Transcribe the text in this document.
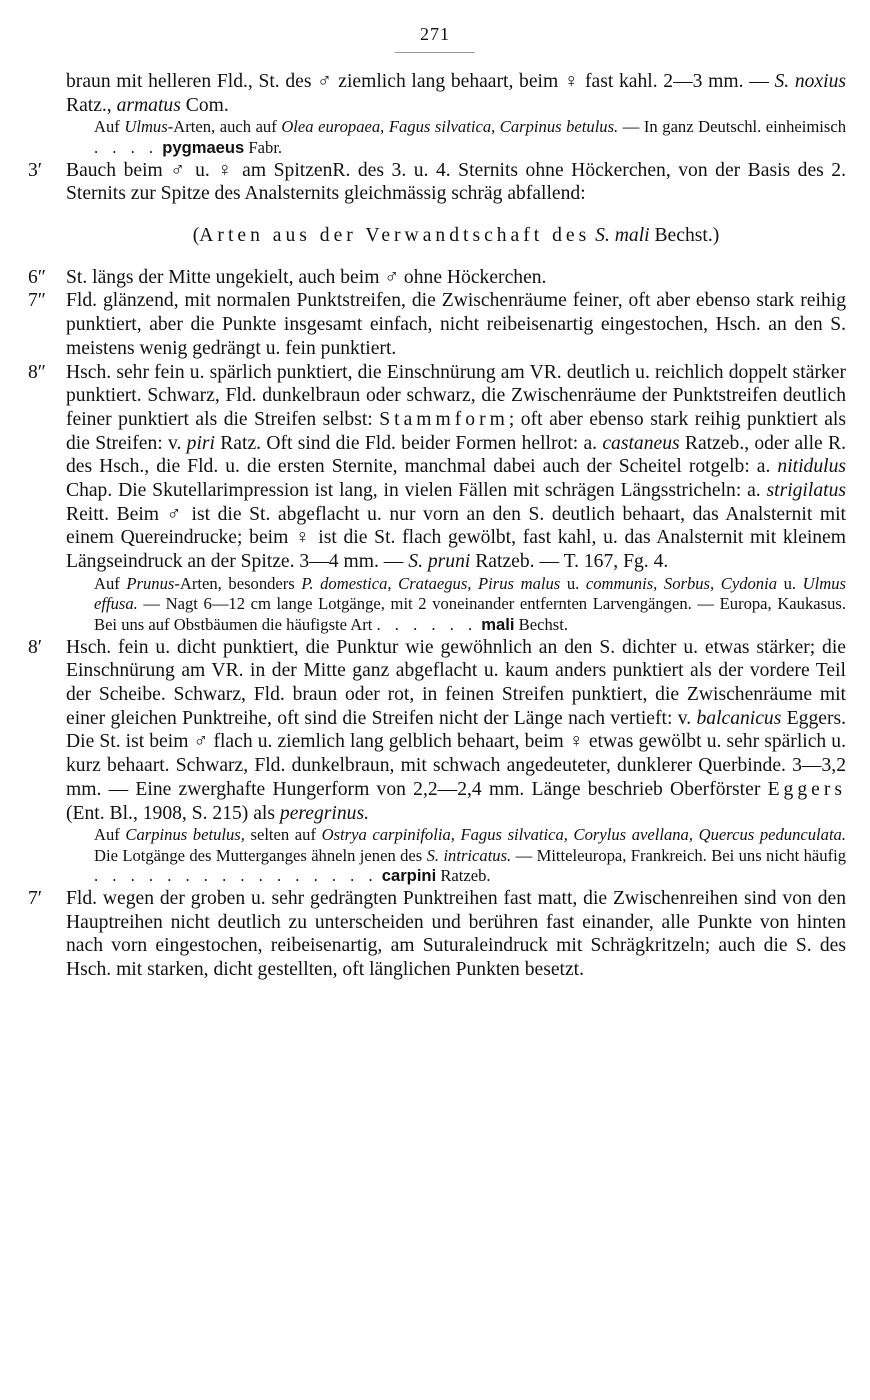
271
braun mit helleren Fld., St. des ♂ ziemlich lang behaart, beim ♀ fast kahl. 2—3 mm. — S. noxius Ratz., armatus Com.
Auf Ulmus-Arten, auch auf Olea europaea, Fagus silvatica, Carpinus betulus. — In ganz Deutschl. einheimisch . . . . pygmaeus Fabr.
3′ Bauch beim ♂ u. ♀ am SpitzenR. des 3. u. 4. Sternits ohne Höckerchen, von der Basis des 2. Sternits zur Spitze des Analsternits gleichmässig schräg abfallend:
(Arten aus der Verwandtschaft des S. mali Bechst.)
6″ St. längs der Mitte ungekielt, auch beim ♂ ohne Höckerchen.
7″ Fld. glänzend, mit normalen Punktstreifen, die Zwischenräume feiner, oft aber ebenso stark reihig punktiert, aber die Punkte insgesamt einfach, nicht reibeisenartig eingestochen, Hsch. an den S. meistens wenig gedrängt u. fein punktiert.
8″ Hsch. sehr fein u. spärlich punktiert, die Einschnürung am VR. deutlich u. reichlich doppelt stärker punktiert. Schwarz, Fld. dunkelbraun oder schwarz, die Zwischenräume der Punktstreifen deutlich feiner punktiert als die Streifen selbst: Stammform; oft aber ebenso stark reihig punktiert als die Streifen: v. piri Ratz. Oft sind die Fld. beider Formen hellrot: a. castaneus Ratzeb., oder alle R. des Hsch., die Fld. u. die ersten Sternite, manchmal dabei auch der Scheitel rotgelb: a. nitidulus Chap. Die Skutellarimpression ist lang, in vielen Fällen mit schrägen Längsstricheln: a. strigilatus Reitt. Beim ♂ ist die St. abgeflacht u. nur vorn an den S. deutlich behaart, das Analsternit mit einem Quereindrucke; beim ♀ ist die St. flach gewölbt, fast kahl, u. das Analsternit mit kleinem Längseindruck an der Spitze. 3—4 mm. — S. pruni Ratzeb. — T. 167, Fg. 4.
Auf Prunus-Arten, besonders P. domestica, Crataegus, Pirus malus u. communis, Sorbus, Cydonia u. Ulmus effusa. — Nagt 6—12 cm lange Lotgänge, mit 2 voneinander entfernten Larvengängen. — Europa, Kaukasus. Bei uns auf Obstbäumen die häufigste Art . . . . . . mali Bechst.
8′ Hsch. fein u. dicht punktiert, die Punktur wie gewöhnlich an den S. dichter u. etwas stärker; die Einschnürung am VR. in der Mitte ganz abgeflacht u. kaum anders punktiert als der vordere Teil der Scheibe. Schwarz, Fld. braun oder rot, in feinen Streifen punktiert, die Zwischenräume mit einer gleichen Punktreihe, oft sind die Streifen nicht der Länge nach vertieft: v. balcanicus Eggers. Die St. ist beim ♂ flach u. ziemlich lang gelblich behaart, beim ♀ etwas gewölbt u. sehr spärlich u. kurz behaart. Schwarz, Fld. dunkelbraun, mit schwach angedeuteter, dunklerer Querbinde. 3—3,2 mm. — Eine zwerghafte Hungerform von 2,2—2,4 mm. Länge beschrieb Oberförster Eggers (Ent. Bl., 1908, S. 215) als peregrinus.
Auf Carpinus betulus, selten auf Ostrya carpinifolia, Fagus silvatica, Corylus avellana, Quercus pedunculata. Die Lotgänge des Mutterganges ähneln jenen des S. intricatus. — Mitteleuropa, Frankreich. Bei uns nicht häufig . . . . . . . . . . . . . . . . carpini Ratzeb.
7′ Fld. wegen der groben u. sehr gedrängten Punktreihen fast matt, die Zwischenreihen sind von den Hauptreihen nicht deutlich zu unterscheiden und berühren fast einander, alle Punkte von hinten nach vorn eingestochen, reibeisenartig, am Suturaleindruck mit Schrägkritzeln; auch die S. des Hsch. mit starken, dicht gestellten, oft länglichen Punkten besetzt.
